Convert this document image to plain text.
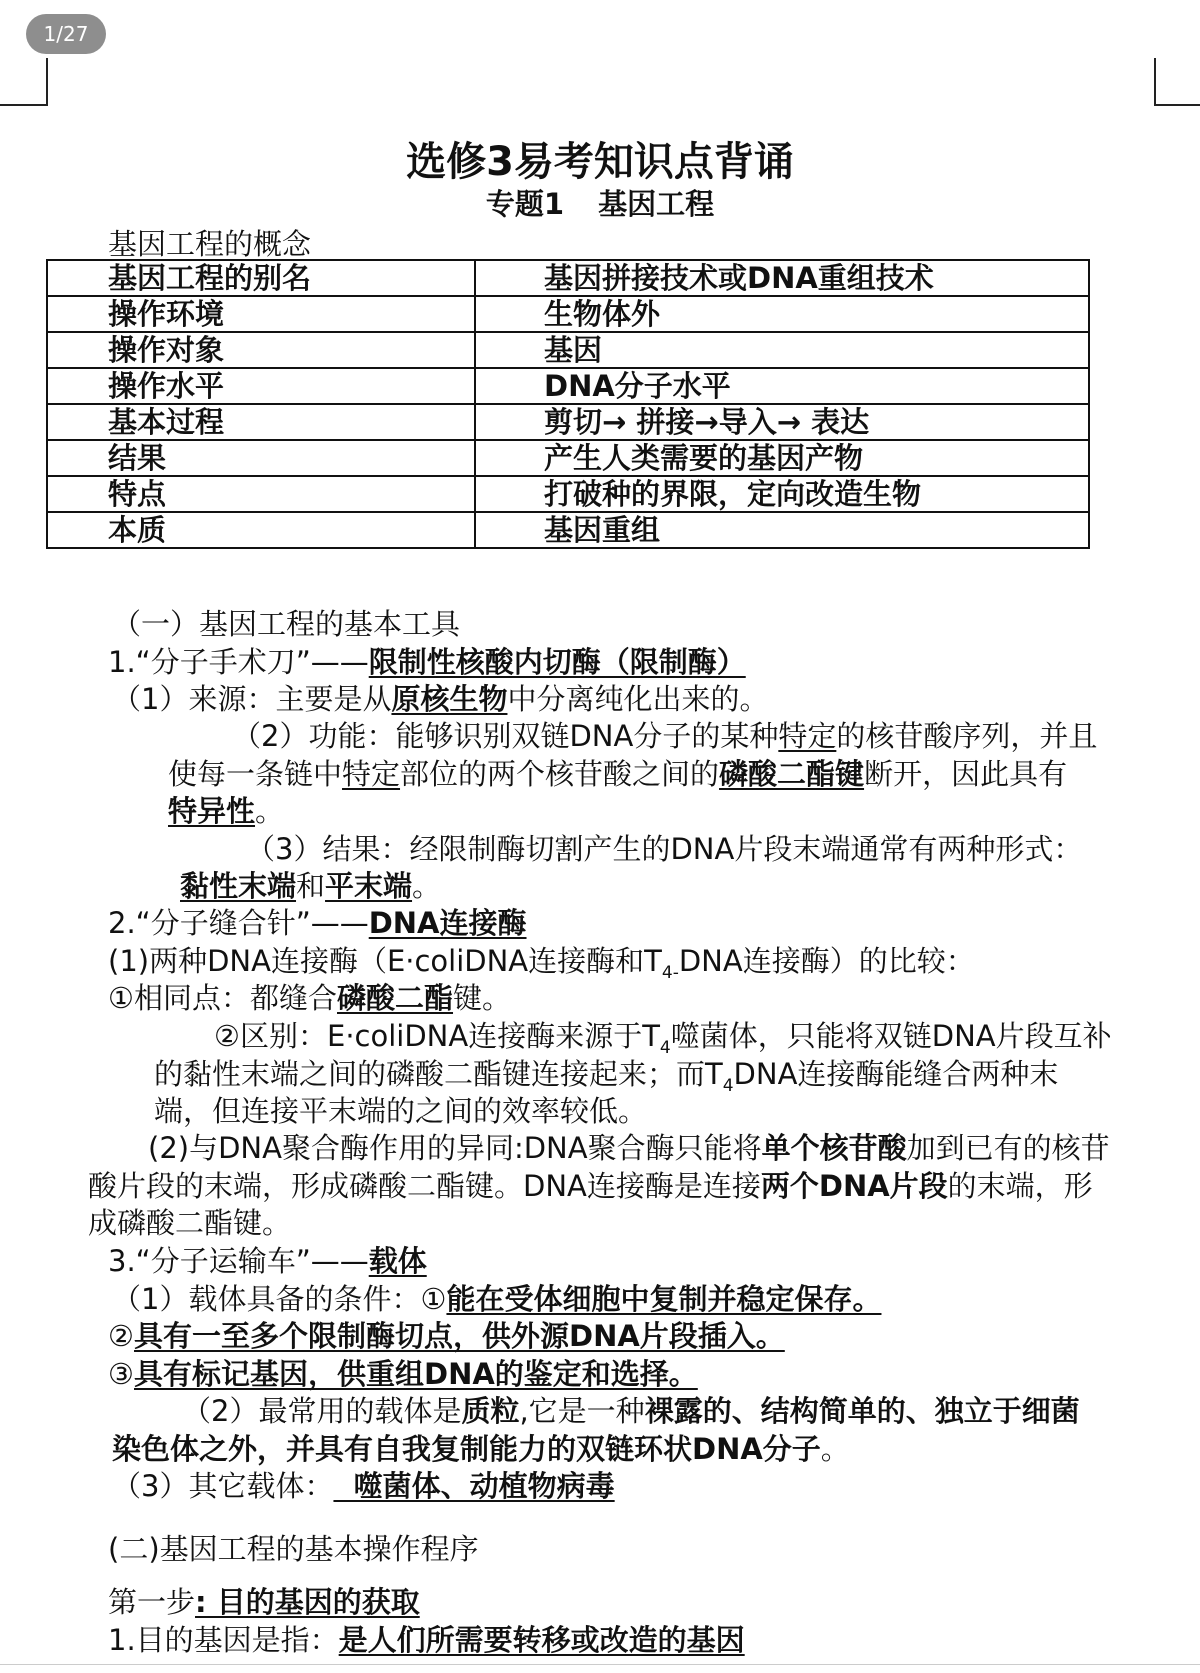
1/27
选修3易考知识点背诵
专题1 基因工程
基因工程的概念
基因工程的别名	基因拼接技术或DNA重组技术
操作环境	生物体外
操作对象	基因
操作水平	DNA分子水平
基本过程	剪切→ 拼接→导入→ 表达
结果	产生人类需要的基因产物
特点	打破种的界限，定向改造生物
本质	基因重组
（一）基因工程的基本工具
1.“分子手术刀”——限制性核酸内切酶（限制酶）
（1）来源：主要是从原核生物中分离纯化出来的。
（2）功能：能够识别双链DNA分子的某种特定的核苷酸序列，并且
使每一条链中特定部位的两个核苷酸之间的磷酸二酯键断开，因此具有
特异性。
（3）结果：经限制酶切割产生的DNA片段末端通常有两种形式：
黏性末端和平末端。
2.“分子缝合针”——DNA连接酶
(1)两种DNA连接酶（E·coliDNA连接酶和$T_{4-}DNA$连接酶）的比较：
①相同点：都缝合磷酸二酯键。
②区别：E·coliDNA连接酶来源于$T_4$噬菌体，只能将双链DNA片段互补
的黏性末端之间的磷酸二酯键连接起来；而$T_4DNA$连接酶能缝合两种末
端，但连接平末端的之间的效率较低。
(2)与DNA聚合酶作用的异同:DNA聚合酶只能将单个核苷酸加到已有的核苷
酸片段的末端，形成磷酸二酯键。DNA连接酶是连接两个DNA片段的末端，形
成磷酸二酯键。
3.“分子运输车”——载体
（1）载体具备的条件：①能在受体细胞中复制并稳定保存。
②具有一至多个限制酶切点，供外源DNA片段插入。
③具有标记基因，供重组DNA的鉴定和选择。
（2）最常用的载体是质粒,它是一种裸露的、结构简单的、独立于细菌
染色体之外，并具有自我复制能力的双链环状DNA分子。
（3）其它载体：  噬菌体、动植物病毒
(二)基因工程的基本操作程序
第一步: 目的基因的获取
1.目的基因是指：是人们所需要转移或改造的基因
